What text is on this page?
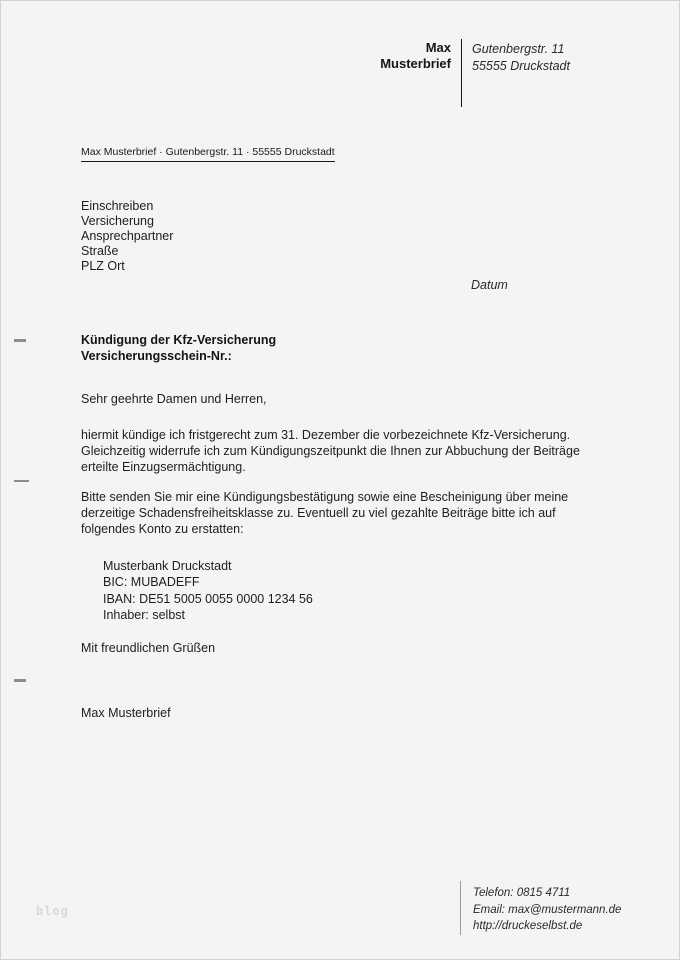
Max
Musterbrief
Gutenbergstr. 11
55555 Druckstadt
Max Musterbrief · Gutenbergstr. 11 · 55555 Druckstadt
Einschreiben
Versicherung
Ansprechpartner
Straße
PLZ Ort
Datum
Kündigung der Kfz-Versicherung
Versicherungsschein-Nr.:
Sehr geehrte Damen und Herren,
hiermit kündige ich fristgerecht zum 31. Dezember die vorbezeichnete Kfz-Versicherung. Gleichzeitig widerrufe ich zum Kündigungszeitpunkt die Ihnen zur Abbuchung der Beiträge erteilte Einzugsermächtigung.
Bitte senden Sie mir eine Kündigungsbestätigung sowie eine Bescheinigung über meine derzeitige Schadensfreiheitsklasse zu. Eventuell zu viel gezahlte Beiträge bitte ich auf folgendes Konto zu erstatten:
Musterbank Druckstadt
BIC: MUBADEFF
IBAN: DE51 5005 0055 0000 1234 56
Inhaber: selbst
Mit freundlichen Grüßen
Max Musterbrief
blog
Telefon: 0815 4711
Email: max@mustermann.de
http://druckeselbst.de
